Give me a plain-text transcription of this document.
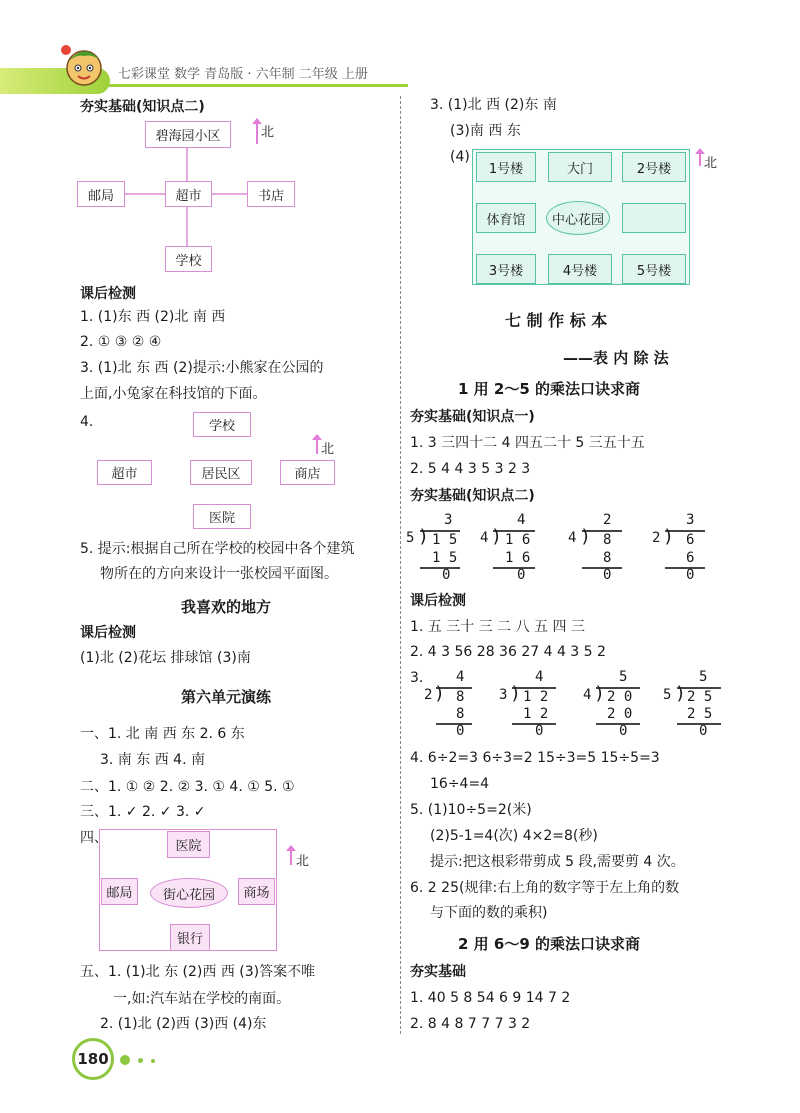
七彩课堂 数学 青岛版 · 六年制 二年级 上册
夯实基础(知识点二)
北
碧海园小区
邮局	超市	书店
学校
课后检测
1. (1)东 西 (2)北 南 西
2. ① ③ ② ④
3. (1)北 东 西 (2)提示:小熊家在公园的
上面,小兔家在科技馆的下面。
4.
北
学校
超市	居民区	商店
医院
5. 提示:根据自己所在学校的校园中各个建筑
物所在的方向来设计一张校园平面图。
我喜欢的地方
课后检测
(1)北 (2)花坛 排球馆 (3)南
第六单元演练
一、1. 北 南 西 东 2. 6 东
3. 南 东 西 4. 南
二、1. ① ② 2. ② 3. ① 4. ① 5. ①
三、1. ✓ 2. ✓ 3. ✓
四、
北
医院
邮局	街心花园	商场
银行
五、1. (1)北 东 (2)西 西 (3)答案不唯
一,如:汽车站在学校的南面。
2. (1)北 (2)西 (3)西 (4)东
3. (1)北 西 (2)东 南
(3)南 西 东
(4)
1号楼	大门	2号楼
体育馆	中心花园
3号楼	4号楼	5号楼
北
七 制 作 标 本
——表 内 除 法
1 用 2～5 的乘法口诀求商
夯实基础(知识点一)
1. 3 三四十二 4 四五二十 5 三五十五
2. 5 4 4 3 5 3 2 3
夯实基础(知识点二)
3
)
5 1 5
1 5
0
4
)
4 1 6
1 6
0
2
)
4 8
8
0
3
)
2 6
6
0
课后检测
1. 五 三十 三 二 八 五 四 三
2. 4 3 56 28 36 27 4 4 3 5 2
3. 4
)
2 8
8
0
4
)
3 1 2
1 2
0
5
)
4 2 0
2 0
0
5
)
5 2 5
2 5
0
4. 6÷2=3 6÷3=2 15÷3=5 15÷5=3
16÷4=4
5. (1)10÷5=2(米)
(2)5-1=4(次) 4×2=8(秒)
提示:把这根彩带剪成 5 段,需要剪 4 次。
6. 2 25(规律:右上角的数字等于左上角的数
与下面的数的乘积)
2 用 6～9 的乘法口诀求商
夯实基础
1. 40 5 8 54 6 9 14 7 2
2. 8 4 8 7 7 7 3 2
180
